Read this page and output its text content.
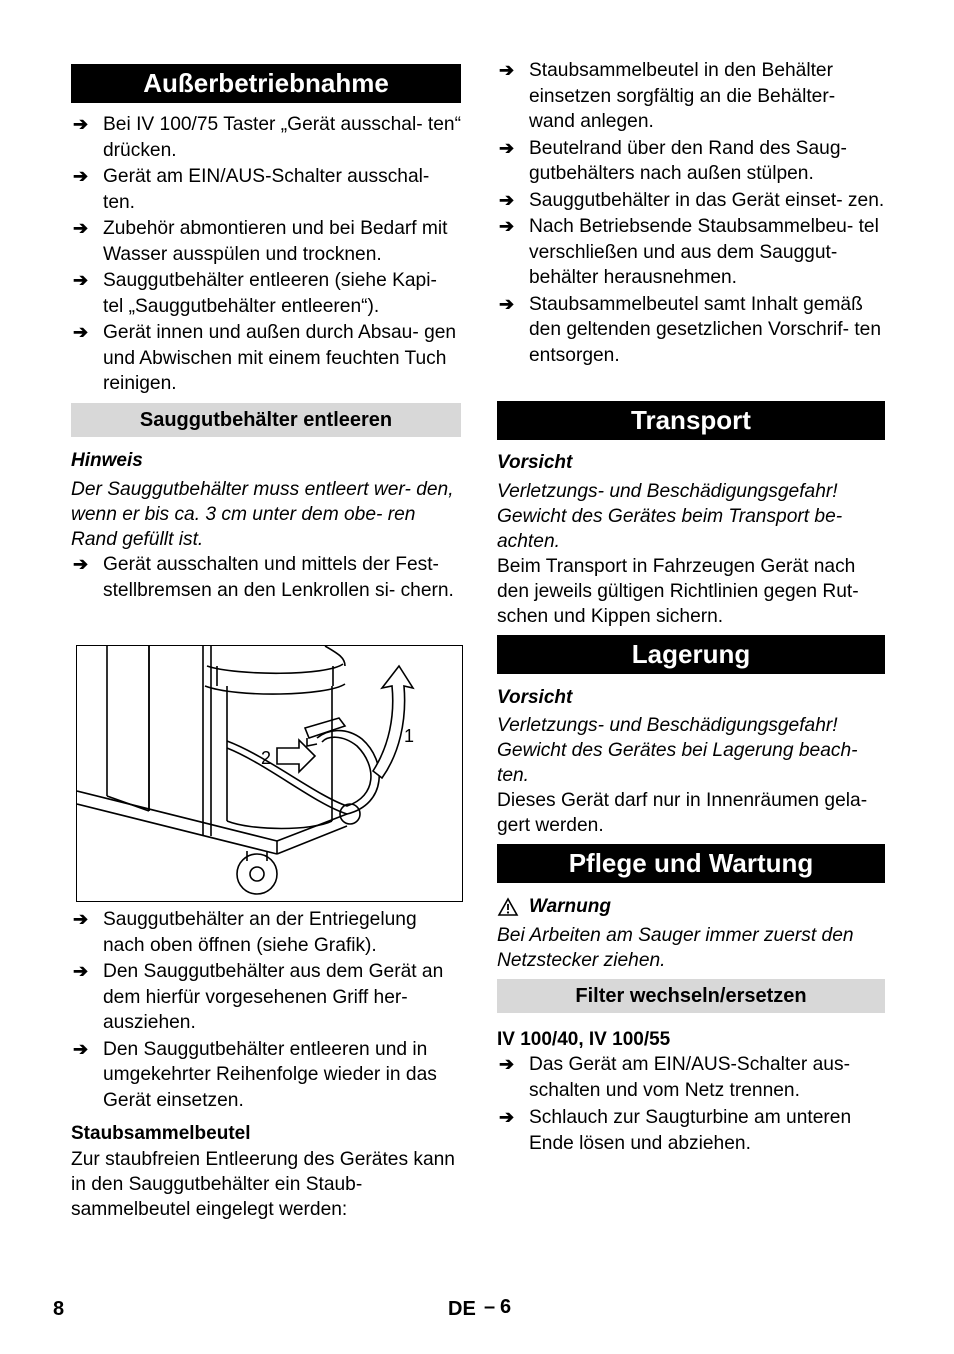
Außerbetriebnahme
➔ Bei IV 100/75 Taster „Gerät ausschal- ten“ drücken.
➔ Gerät am EIN/AUS-Schalter ausschal- ten.
➔ Zubehör abmontieren und bei Bedarf mit Wasser ausspülen und trocknen.
➔ Sauggutbehälter entleeren (siehe Kapi- tel „Sauggutbehälter entleeren“).
➔ Gerät innen und außen durch Absau- gen und Abwischen mit einem feuchten Tuch reinigen.
Sauggutbehälter entleeren
Hinweis
Der Sauggutbehälter muss entleert wer- den, wenn er bis ca. 3 cm unter dem obe- ren Rand gefüllt ist.
➔ Gerät ausschalten und mittels der Fest- stellbremsen an den Lenkrollen si- chern.
➔ Sauggutbehälter an der Entriegelung nach oben öffnen (siehe Grafik).
➔ Den Sauggutbehälter aus dem Gerät an dem hierfür vorgesehenen Griff her- ausziehen.
➔ Den Sauggutbehälter entleeren und in umgekehrter Reihenfolge wieder in das Gerät einsetzen.
Staubsammelbeutel
Zur staubfreien Entleerung des Gerätes kann in den Sauggutbehälter ein Staub- sammelbeutel eingelegt werden:
2
1
➔ Staubsammelbeutel in den Behälter einsetzen sorgfältig an die Behälter- wand anlegen.
➔ Beutelrand über den Rand des Saug- gutbehälters nach außen stülpen.
➔ Sauggutbehälter in das Gerät einset- zen.
➔ Nach Betriebsende Staubsammelbeu- tel verschließen und aus dem Sauggut- behälter herausnehmen.
➔ Staubsammelbeutel samt Inhalt gemäß den geltenden gesetzlichen Vorschrif- ten entsorgen.
Transport
Vorsicht
Verletzungs- und Beschädigungsgefahr! Gewicht des Gerätes beim Transport be- achten.
Beim Transport in Fahrzeugen Gerät nach den jeweils gültigen Richtlinien gegen Rut- schen und Kippen sichern.
Lagerung
Vorsicht
Verletzungs- und Beschädigungsgefahr! Gewicht des Gerätes bei Lagerung beach- ten.
Dieses Gerät darf nur in Innenräumen gela- gert werden.
Pflege und Wartung
Warnung
Bei Arbeiten am Sauger immer zuerst den Netzstecker ziehen.
Filter wechseln/ersetzen
IV 100/40, IV 100/55
➔ Das Gerät am EIN/AUS-Schalter aus- schalten und vom Netz trennen.
➔ Schlauch zur Saugturbine am unteren Ende lösen und abziehen.
8	DE – 6
